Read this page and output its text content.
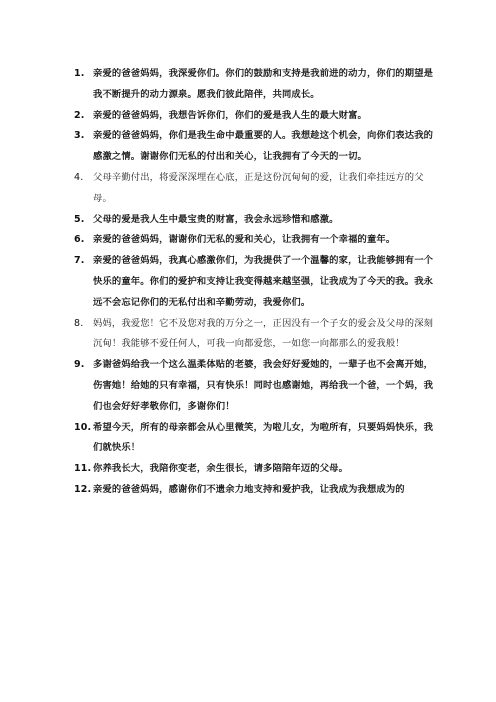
1. 亲爱的爸爸妈妈，我深爱你们。你们的鼓励和支持是我前进的动力，你们的期望是我不断提升的动力源泉。愿我们彼此陪伴，共同成长。
2. 亲爱的爸爸妈妈，我想告诉你们，你们的爱是我人生的最大财富。
3. 亲爱的爸爸妈妈，你们是我生命中最重要的人。我想趁这个机会，向你们表达我的感激之情。谢谢你们无私的付出和关心，让我拥有了今天的一切。
4. 父母辛勤付出，将爱深深埋在心底，正是这份沉甸甸的爱，让我们牵挂远方的父母。
5. 父母的爱是我人生中最宝贵的财富，我会永远珍惜和感激。
6. 亲爱的爸爸妈妈，谢谢你们无私的爱和关心，让我拥有一个幸福的童年。
7. 亲爱的爸爸妈妈，我真心感激你们，为我提供了一个温馨的家，让我能够拥有一个快乐的童年。你们的爱护和支持让我变得越来越坚强，让我成为了今天的我。我永远不会忘记你们的无私付出和辛勤劳动，我爱你们。
8. 妈妈，我爱您！它不及您对我的万分之一，正因没有一个子女的爱会及父母的深刻沉甸！我能够不爱任何人，可我一向都爱您，一如您一向都那么的爱我般！
9. 多谢爸妈给我一个这么温柔体贴的老婆，我会好好爱她的，一辈子也不会离开她，伤害她！给她的只有幸福，只有快乐！同时也感谢她，再给我一个爸，一个妈，我们也会好好孝敬你们，多谢你们！
10. 希望今天，所有的母亲都会从心里微笑，为啦儿女，为啦所有，只要妈妈快乐，我们就快乐！
11. 你养我长大，我陪你变老，余生很长，请多陪陪年迈的父母。
12. 亲爱的爸爸妈妈，感谢你们不遗余力地支持和爱护我，让我成为我想成为的
